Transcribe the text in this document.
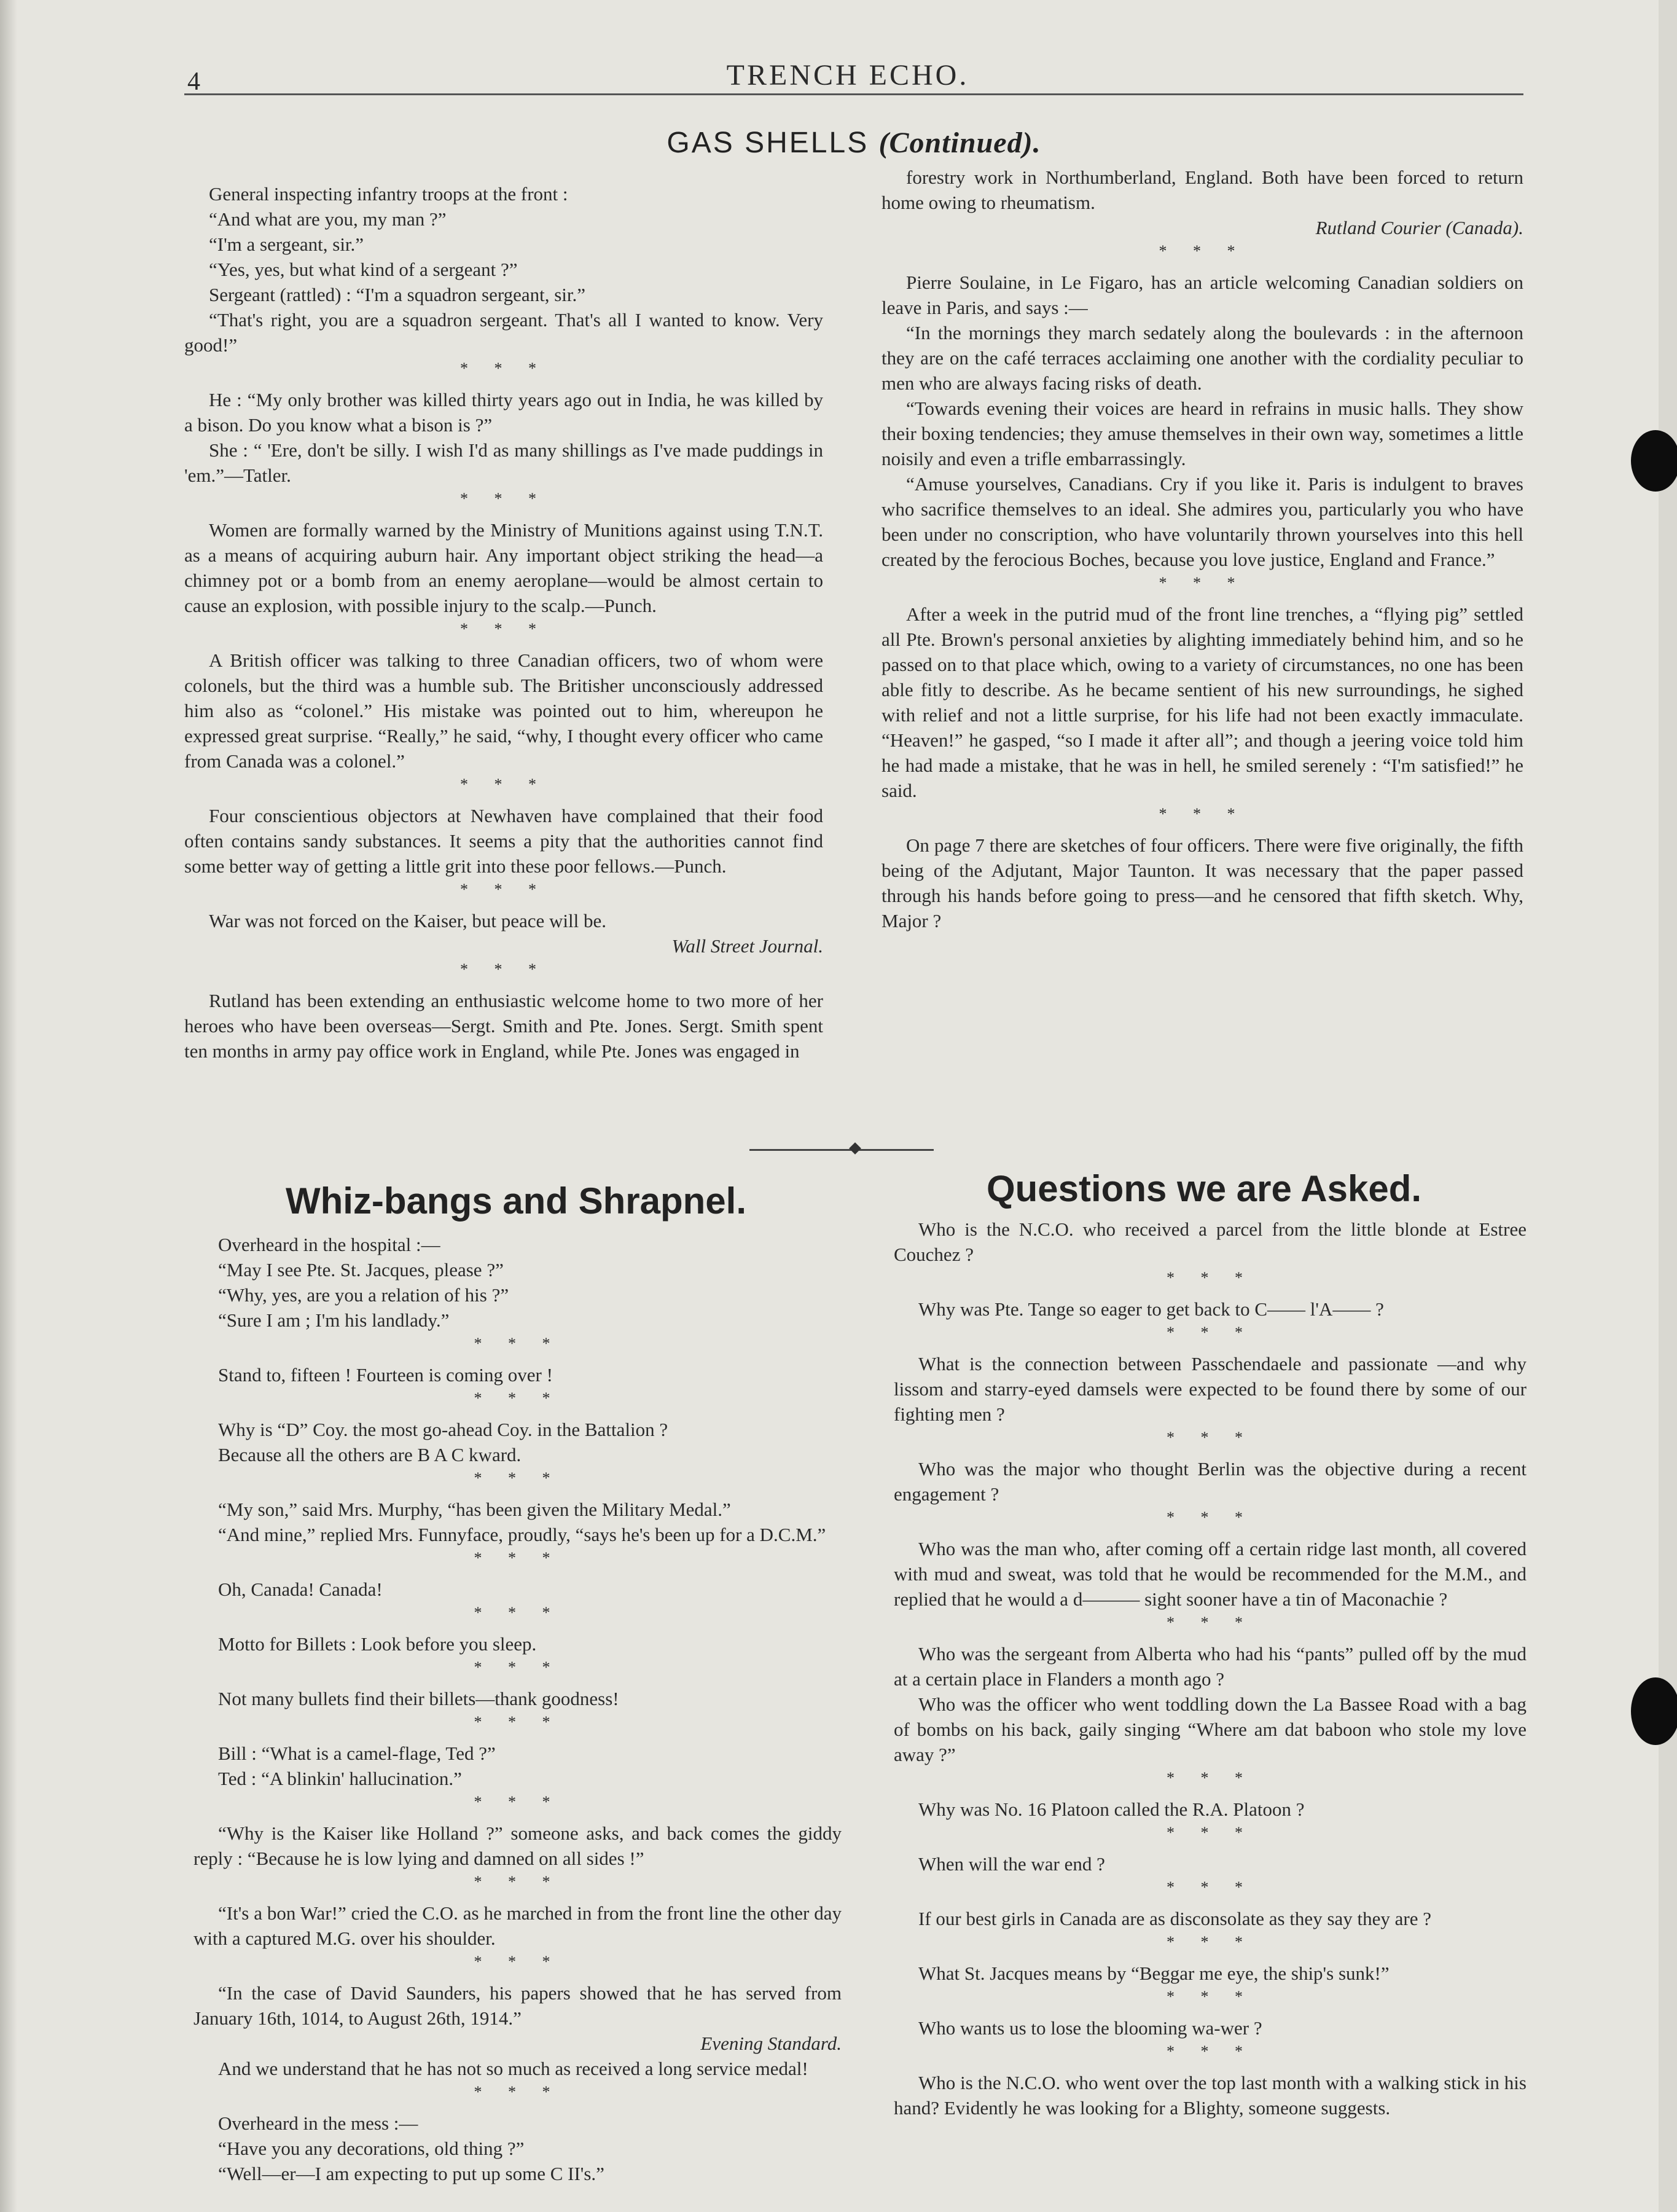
4	TRENCH ECHO.
GAS SHELLS (Continued).

General inspecting infantry troops at the front :

“And what are you, my man ?”

“I'm a sergeant, sir.”

“Yes, yes, but what kind of a sergeant ?”

Sergeant (rattled) : “I'm a squadron sergeant, sir.”

“That's right, you are a squadron sergeant. That's all I wanted to know. Very good!”

* * *

He : “My only brother was killed thirty years ago out in India, he was killed by a bison. Do you know what a bison is ?”

She : “ 'Ere, don't be silly. I wish I'd as many shillings as I've made puddings in 'em.”—Tatler.

* * *

Women are formally warned by the Ministry of Munitions against using T.N.T. as a means of acquiring auburn hair. Any important object striking the head—a chimney pot or a bomb from an enemy aeroplane—would be almost certain to cause an explosion, with possible injury to the scalp.—Punch.

* * *

A British officer was talking to three Canadian officers, two of whom were colonels, but the third was a humble sub. The Britisher unconsciously addressed him also as “colonel.” His mistake was pointed out to him, whereupon he expressed great surprise. “Really,” he said, “why, I thought every officer who came from Canada was a colonel.”

* * *

Four conscientious objectors at Newhaven have complained that their food often contains sandy substances. It seems a pity that the authorities cannot find some better way of getting a little grit into these poor fellows.—Punch.

* * *

War was not forced on the Kaiser, but peace will be.

Wall Street Journal.

* * *

Rutland has been extending an enthusiastic welcome home to two more of her heroes who have been overseas—Sergt. Smith and Pte. Jones. Sergt. Smith spent ten months in army pay office work in England, while Pte. Jones was engaged in

forestry work in Northumberland, England. Both have been forced to return home owing to rheumatism.

Rutland Courier (Canada).

* * *

Pierre Soulaine, in Le Figaro, has an article welcoming Canadian soldiers on leave in Paris, and says :—

“In the mornings they march sedately along the boulevards : in the afternoon they are on the café terraces acclaiming one another with the cordiality peculiar to men who are always facing risks of death.

“Towards evening their voices are heard in refrains in music halls. They show their boxing tendencies; they amuse themselves in their own way, sometimes a little noisily and even a trifle embarrassingly.

“Amuse yourselves, Canadians. Cry if you like it. Paris is indulgent to braves who sacrifice themselves to an ideal. She admires you, particularly you who have been under no conscription, who have voluntarily thrown yourselves into this hell created by the ferocious Boches, because you love justice, England and France.”

* * *

After a week in the putrid mud of the front line trenches, a “flying pig” settled all Pte. Brown's personal anxieties by alighting immediately behind him, and so he passed on to that place which, owing to a variety of circumstances, no one has been able fitly to describe. As he became sentient of his new surroundings, he sighed with relief and not a little surprise, for his life had not been exactly immaculate. “Heaven!” he gasped, “so I made it after all”; and though a jeering voice told him he had made a mistake, that he was in hell, he smiled serenely : “I'm satisfied!” he said.

* * *

On page 7 there are sketches of four officers. There were five originally, the fifth being of the Adjutant, Major Taunton. It was necessary that the paper passed through his hands before going to press—and he censored that fifth sketch. Why, Major ?

Whiz-bangs and Shrapnel.

Overheard in the hospital :—

“May I see Pte. St. Jacques, please ?”

“Why, yes, are you a relation of his ?”

“Sure I am ; I'm his landlady.”

* * *

Stand to, fifteen ! Fourteen is coming over !

* * *

Why is “D” Coy. the most go-ahead Coy. in the Battalion ?

Because all the others are B A C kward.

* * *

“My son,” said Mrs. Murphy, “has been given the Military Medal.”

“And mine,” replied Mrs. Funnyface, proudly, “says he's been up for a D.C.M.”

* * *

Oh, Canada! Canada!

* * *

Motto for Billets : Look before you sleep.

* * *

Not many bullets find their billets—thank goodness!

* * *

Bill : “What is a camel-flage, Ted ?”

Ted : “A blinkin' hallucination.”

* * *

“Why is the Kaiser like Holland ?” someone asks, and back comes the giddy reply : “Because he is low lying and damned on all sides !”

* * *

“It's a bon War!” cried the C.O. as he marched in from the front line the other day with a captured M.G. over his shoulder.

* * *

“In the case of David Saunders, his papers showed that he has served from January 16th, 1014, to August 26th, 1914.”

Evening Standard.

And we understand that he has not so much as received a long service medal!

* * *

Overheard in the mess :—

“Have you any decorations, old thing ?”

“Well—er—I am expecting to put up some C II's.”

Questions we are Asked.

Who is the N.C.O. who received a parcel from the little blonde at Estree Couchez ?

* * *

Why was Pte. Tange so eager to get back to C—— l'A—— ?

* * *

What is the connection between Passchendaele and passionate —and why lissom and starry-eyed damsels were expected to be found there by some of our fighting men ?

* * *

Who was the major who thought Berlin was the objective during a recent engagement ?

* * *

Who was the man who, after coming off a certain ridge last month, all covered with mud and sweat, was told that he would be recommended for the M.M., and replied that he would a d——— sight sooner have a tin of Maconachie ?

* * *

Who was the sergeant from Alberta who had his “pants” pulled off by the mud at a certain place in Flanders a month ago ?

Who was the officer who went toddling down the La Bassee Road with a bag of bombs on his back, gaily singing “Where am dat baboon who stole my love away ?”

* * *

Why was No. 16 Platoon called the R.A. Platoon ?

* * *

When will the war end ?

* * *

If our best girls in Canada are as disconsolate as they say they are ?

* * *

What St. Jacques means by “Beggar me eye, the ship's sunk!”

* * *

Who wants us to lose the blooming wa-wer ?

* * *

Who is the N.C.O. who went over the top last month with a walking stick in his hand? Evidently he was looking for a Blighty, someone suggests.
